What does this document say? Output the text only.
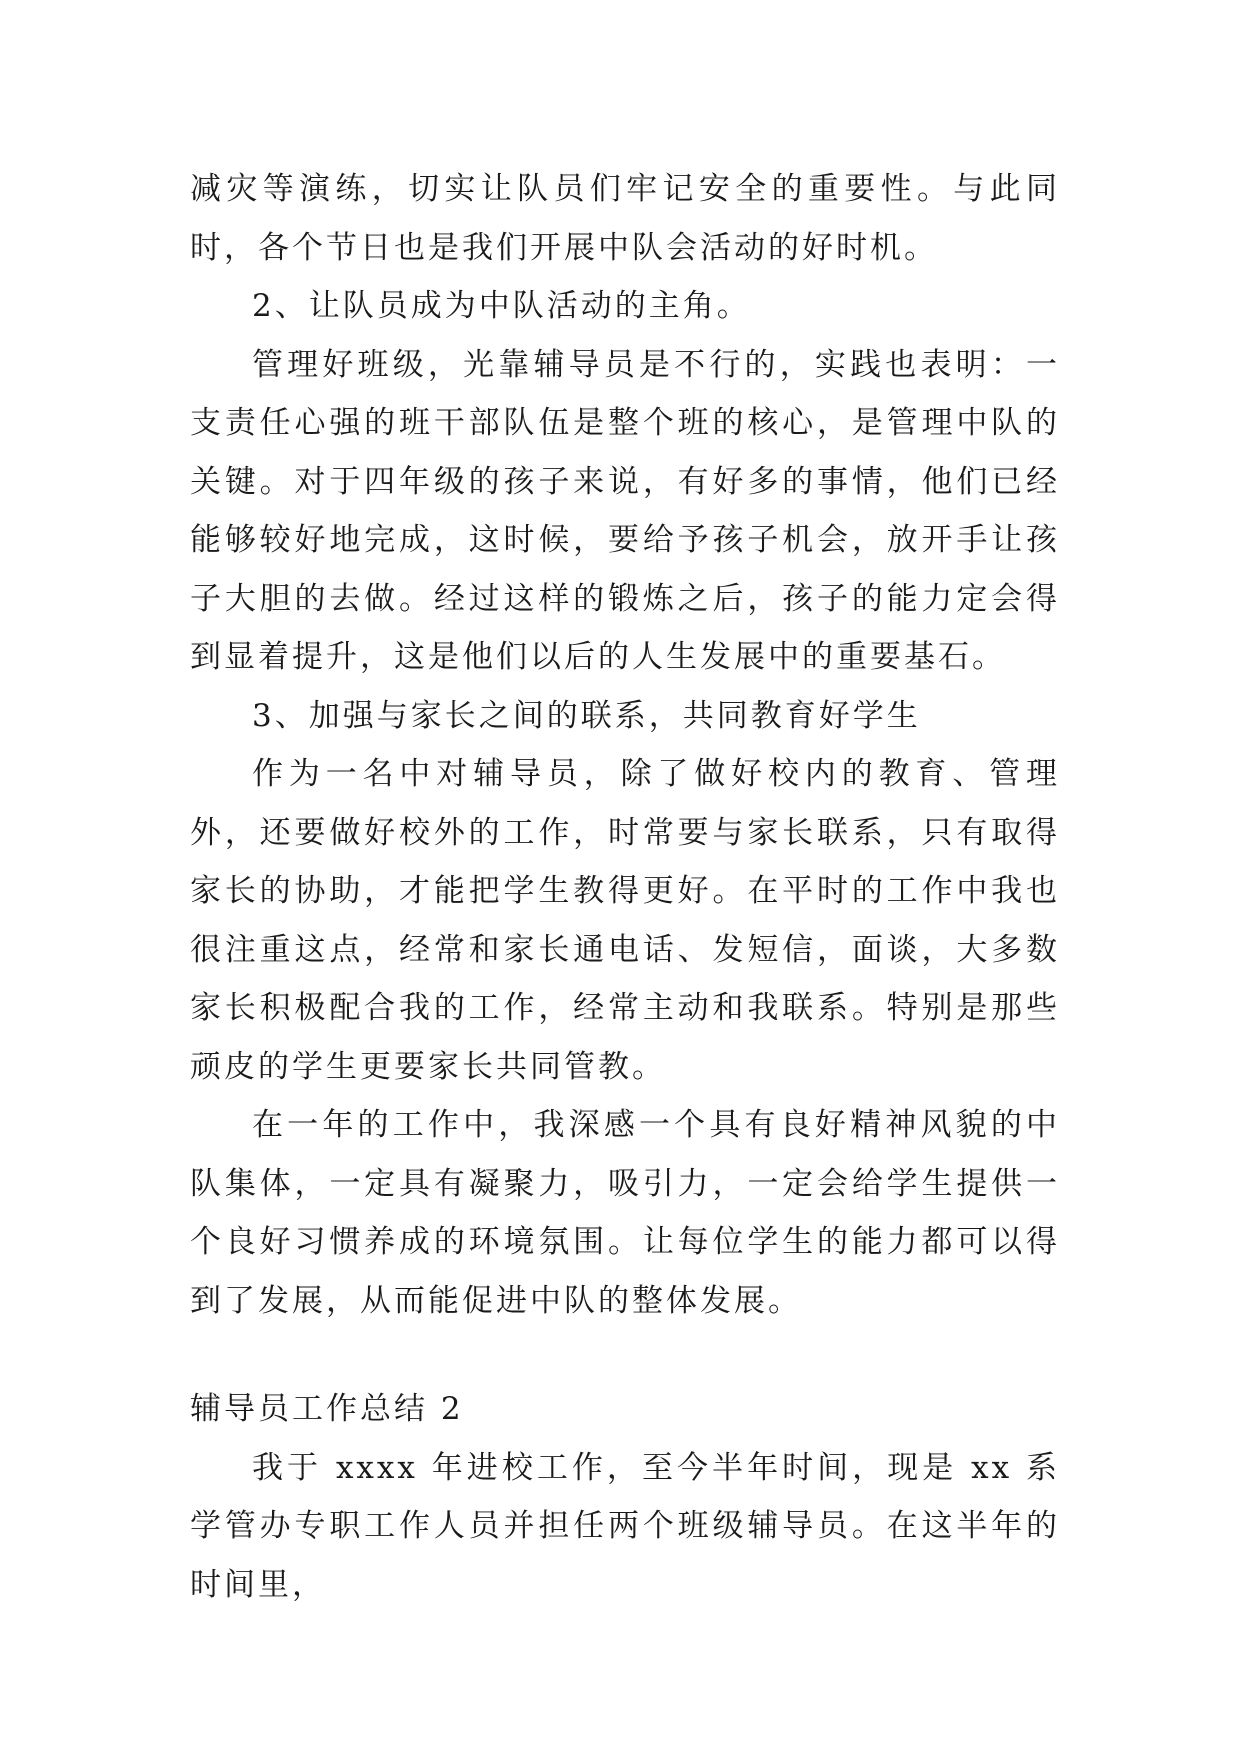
减灾等演练，切实让队员们牢记安全的重要性。与此同时，各个节日也是我们开展中队会活动的好时机。

2、让队员成为中队活动的主角。

管理好班级，光靠辅导员是不行的，实践也表明：一支责任心强的班干部队伍是整个班的核心，是管理中队的关键。对于四年级的孩子来说，有好多的事情，他们已经能够较好地完成，这时候，要给予孩子机会，放开手让孩子大胆的去做。经过这样的锻炼之后，孩子的能力定会得到显着提升，这是他们以后的人生发展中的重要基石。

3、加强与家长之间的联系，共同教育好学生

作为一名中对辅导员，除了做好校内的教育、管理外，还要做好校外的工作，时常要与家长联系，只有取得家长的协助，才能把学生教得更好。在平时的工作中我也很注重这点，经常和家长通电话、发短信，面谈，大多数家长积极配合我的工作，经常主动和我联系。特别是那些顽皮的学生更要家长共同管教。

在一年的工作中，我深感一个具有良好精神风貌的中队集体，一定具有凝聚力，吸引力，一定会给学生提供一个良好习惯养成的环境氛围。让每位学生的能力都可以得到了发展，从而能促进中队的整体发展。

辅导员工作总结 2

我于 xxxx 年进校工作，至今半年时间，现是 xx 系学管办专职工作人员并担任两个班级辅导员。在这半年的时间里，
